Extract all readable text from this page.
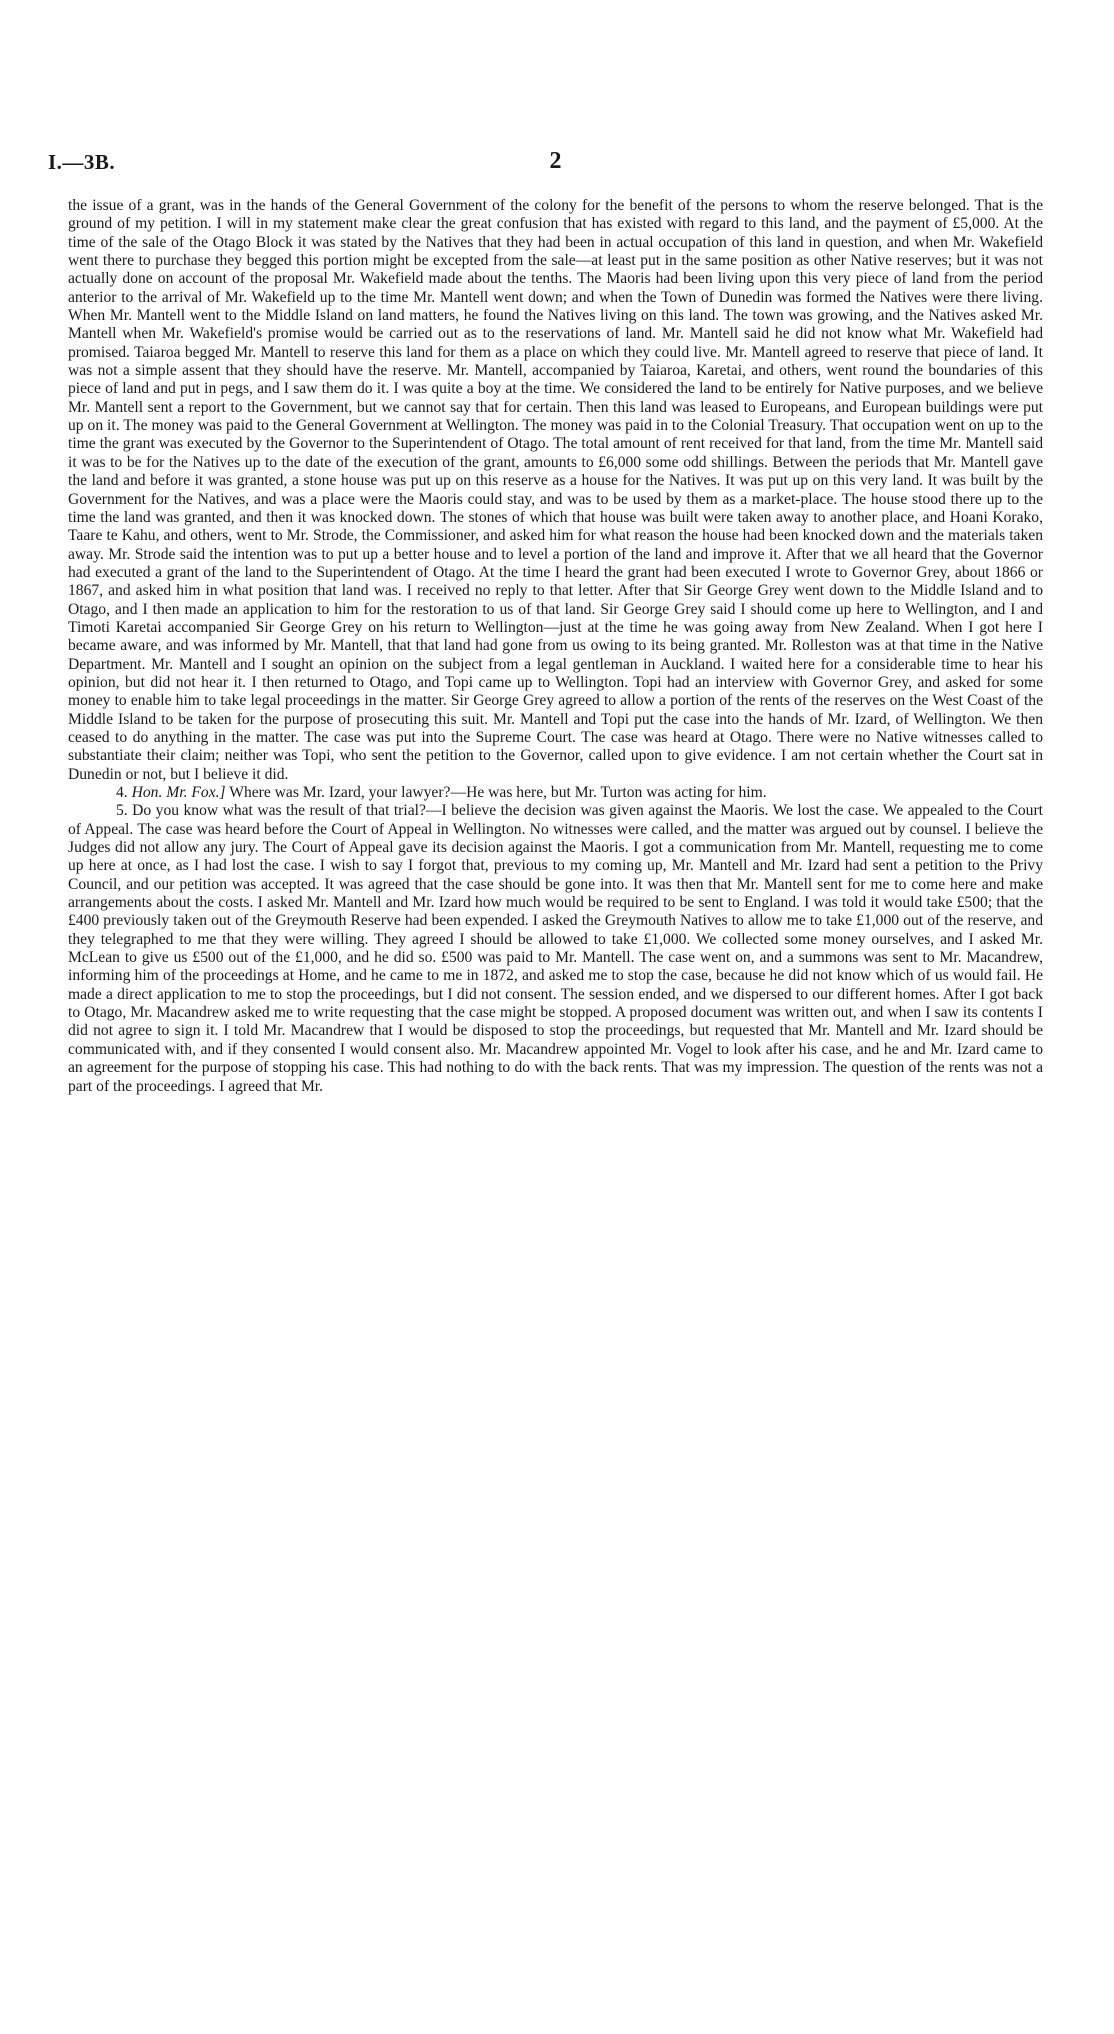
I.—3B.	2

the issue of a grant, was in the hands of the General Government of the colony for the benefit of the persons to whom the reserve belonged. That is the ground of my petition. I will in my statement make clear the great confusion that has existed with regard to this land, and the payment of £5,000. At the time of the sale of the Otago Block it was stated by the Natives that they had been in actual occupation of this land in question, and when Mr. Wakefield went there to purchase they begged this portion might be excepted from the sale—at least put in the same position as other Native reserves; but it was not actually done on account of the proposal Mr. Wakefield made about the tenths. The Maoris had been living upon this very piece of land from the period anterior to the arrival of Mr. Wakefield up to the time Mr. Mantell went down; and when the Town of Dunedin was formed the Natives were there living. When Mr. Mantell went to the Middle Island on land matters, he found the Natives living on this land. The town was growing, and the Natives asked Mr. Mantell when Mr. Wakefield's promise would be carried out as to the reservations of land. Mr. Mantell said he did not know what Mr. Wakefield had promised. Taiaroa begged Mr. Mantell to reserve this land for them as a place on which they could live. Mr. Mantell agreed to reserve that piece of land. It was not a simple assent that they should have the reserve. Mr. Mantell, accompanied by Taiaroa, Karetai, and others, went round the boundaries of this piece of land and put in pegs, and I saw them do it. I was quite a boy at the time. We considered the land to be entirely for Native purposes, and we believe Mr. Mantell sent a report to the Government, but we cannot say that for certain. Then this land was leased to Europeans, and European buildings were put up on it. The money was paid to the General Government at Wellington. The money was paid in to the Colonial Treasury. That occupation went on up to the time the grant was executed by the Governor to the Superintendent of Otago. The total amount of rent received for that land, from the time Mr. Mantell said it was to be for the Natives up to the date of the execution of the grant, amounts to £6,000 some odd shillings. Between the periods that Mr. Mantell gave the land and before it was granted, a stone house was put up on this reserve as a house for the Natives. It was put up on this very land. It was built by the Government for the Natives, and was a place were the Maoris could stay, and was to be used by them as a market-place. The house stood there up to the time the land was granted, and then it was knocked down. The stones of which that house was built were taken away to another place, and Hoani Korako, Taare te Kahu, and others, went to Mr. Strode, the Commissioner, and asked him for what reason the house had been knocked down and the materials taken away. Mr. Strode said the intention was to put up a better house and to level a portion of the land and improve it. After that we all heard that the Governor had executed a grant of the land to the Superintendent of Otago. At the time I heard the grant had been executed I wrote to Governor Grey, about 1866 or 1867, and asked him in what position that land was. I received no reply to that letter. After that Sir George Grey went down to the Middle Island and to Otago, and I then made an application to him for the restoration to us of that land. Sir George Grey said I should come up here to Wellington, and I and Timoti Karetai accompanied Sir George Grey on his return to Wellington—just at the time he was going away from New Zealand. When I got here I became aware, and was informed by Mr. Mantell, that that land had gone from us owing to its being granted. Mr. Rolleston was at that time in the Native Department. Mr. Mantell and I sought an opinion on the subject from a legal gentleman in Auckland. I waited here for a considerable time to hear his opinion, but did not hear it. I then returned to Otago, and Topi came up to Wellington. Topi had an interview with Governor Grey, and asked for some money to enable him to take legal proceedings in the matter. Sir George Grey agreed to allow a portion of the rents of the reserves on the West Coast of the Middle Island to be taken for the purpose of prosecuting this suit. Mr. Mantell and Topi put the case into the hands of Mr. Izard, of Wellington. We then ceased to do anything in the matter. The case was put into the Supreme Court. The case was heard at Otago. There were no Native witnesses called to substantiate their claim; neither was Topi, who sent the petition to the Governor, called upon to give evidence. I am not certain whether the Court sat in Dunedin or not, but I believe it did.

4. Hon. Mr. Fox.] Where was Mr. Izard, your lawyer?—He was here, but Mr. Turton was acting for him.

5. Do you know what was the result of that trial?—I believe the decision was given against the Maoris. We lost the case. We appealed to the Court of Appeal. The case was heard before the Court of Appeal in Wellington. No witnesses were called, and the matter was argued out by counsel. I believe the Judges did not allow any jury. The Court of Appeal gave its decision against the Maoris. I got a communication from Mr. Mantell, requesting me to come up here at once, as I had lost the case. I wish to say I forgot that, previous to my coming up, Mr. Mantell and Mr. Izard had sent a petition to the Privy Council, and our petition was accepted. It was agreed that the case should be gone into. It was then that Mr. Mantell sent for me to come here and make arrangements about the costs. I asked Mr. Mantell and Mr. Izard how much would be required to be sent to England. I was told it would take £500; that the £400 previously taken out of the Greymouth Reserve had been expended. I asked the Greymouth Natives to allow me to take £1,000 out of the reserve, and they telegraphed to me that they were willing. They agreed I should be allowed to take £1,000. We collected some money ourselves, and I asked Mr. McLean to give us £500 out of the £1,000, and he did so. £500 was paid to Mr. Mantell. The case went on, and a summons was sent to Mr. Macandrew, informing him of the proceedings at Home, and he came to me in 1872, and asked me to stop the case, because he did not know which of us would fail. He made a direct application to me to stop the proceedings, but I did not consent. The session ended, and we dispersed to our different homes. After I got back to Otago, Mr. Macandrew asked me to write requesting that the case might be stopped. A proposed document was written out, and when I saw its contents I did not agree to sign it. I told Mr. Macandrew that I would be disposed to stop the proceedings, but requested that Mr. Mantell and Mr. Izard should be communicated with, and if they consented I would consent also. Mr. Macandrew appointed Mr. Vogel to look after his case, and he and Mr. Izard came to an agreement for the purpose of stopping his case. This had nothing to do with the back rents. That was my impression. The question of the rents was not a part of the proceedings. I agreed that Mr.
